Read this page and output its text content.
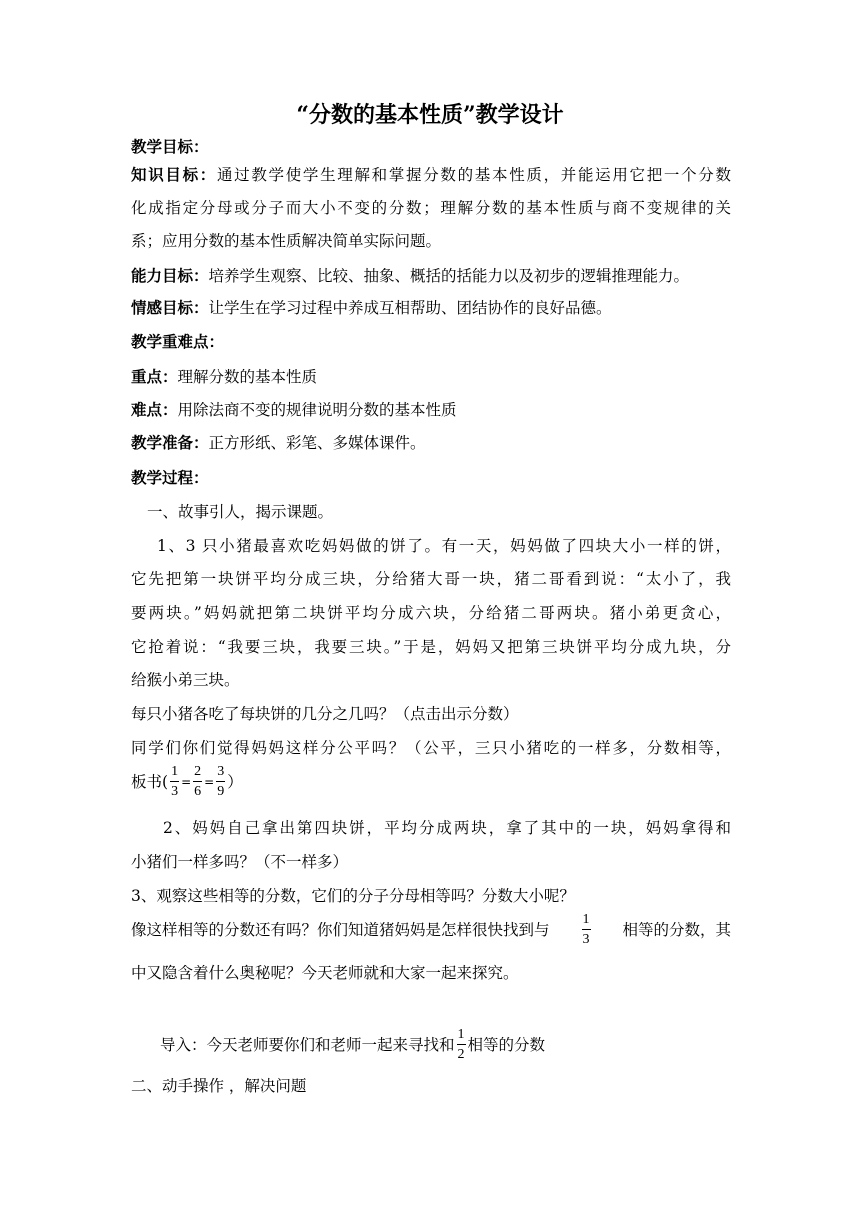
“分数的基本性质”教学设计
教学目标：
知识目标：通过教学使学生理解和掌握分数的基本性质，并能运用它把一个分数
化成指定分母或分子而大小不变的分数；理解分数的基本性质与商不变规律的关
系；应用分数的基本性质解决简单实际问题。
能力目标：培养学生观察、比较、抽象、概括的括能力以及初步的逻辑推理能力。
情感目标：让学生在学习过程中养成互相帮助、团结协作的良好品德。
教学重难点：
重点：理解分数的基本性质
难点：用除法商不变的规律说明分数的基本性质
教学准备：正方形纸、彩笔、多媒体课件。
教学过程：
一、故事引人，揭示课题。
1、3 只小猪最喜欢吃妈妈做的饼了。有一天，妈妈做了四块大小一样的饼，
它先把第一块饼平均分成三块，分给猪大哥一块，猪二哥看到说：“太小了，我
要两块。”妈妈就把第二块饼平均分成六块，分给猪二哥两块。猪小弟更贪心，
它抢着说：“我要三块，我要三块。”于是，妈妈又把第三块饼平均分成九块，分
给猴小弟三块。
每只小猪各吃了每块饼的几分之几吗？（点击出示分数）
同学们你们觉得妈妈这样分公平吗？（公平，三只小猪吃的一样多，分数相等，
板书( $\frac{1}{3} = \frac{2}{6} = \frac{3}{9}$ ）
2、妈妈自己拿出第四块饼，平均分成两块，拿了其中的一块，妈妈拿得和
小猪们一样多吗？（不一样多）
3、观察这些相等的分数，它们的分子分母相等吗？分数大小呢？
像这样相等的分数还有吗？你们知道猪妈妈是怎样很快找到与 $\frac{1}{3}$ 相等的分数，其
中又隐含着什么奥秘呢？今天老师就和大家一起来探究。
导入：今天老师要你们和老师一起来寻找和 $\frac{1}{2}$ 相等的分数
二、动手操作 ，解决问题
